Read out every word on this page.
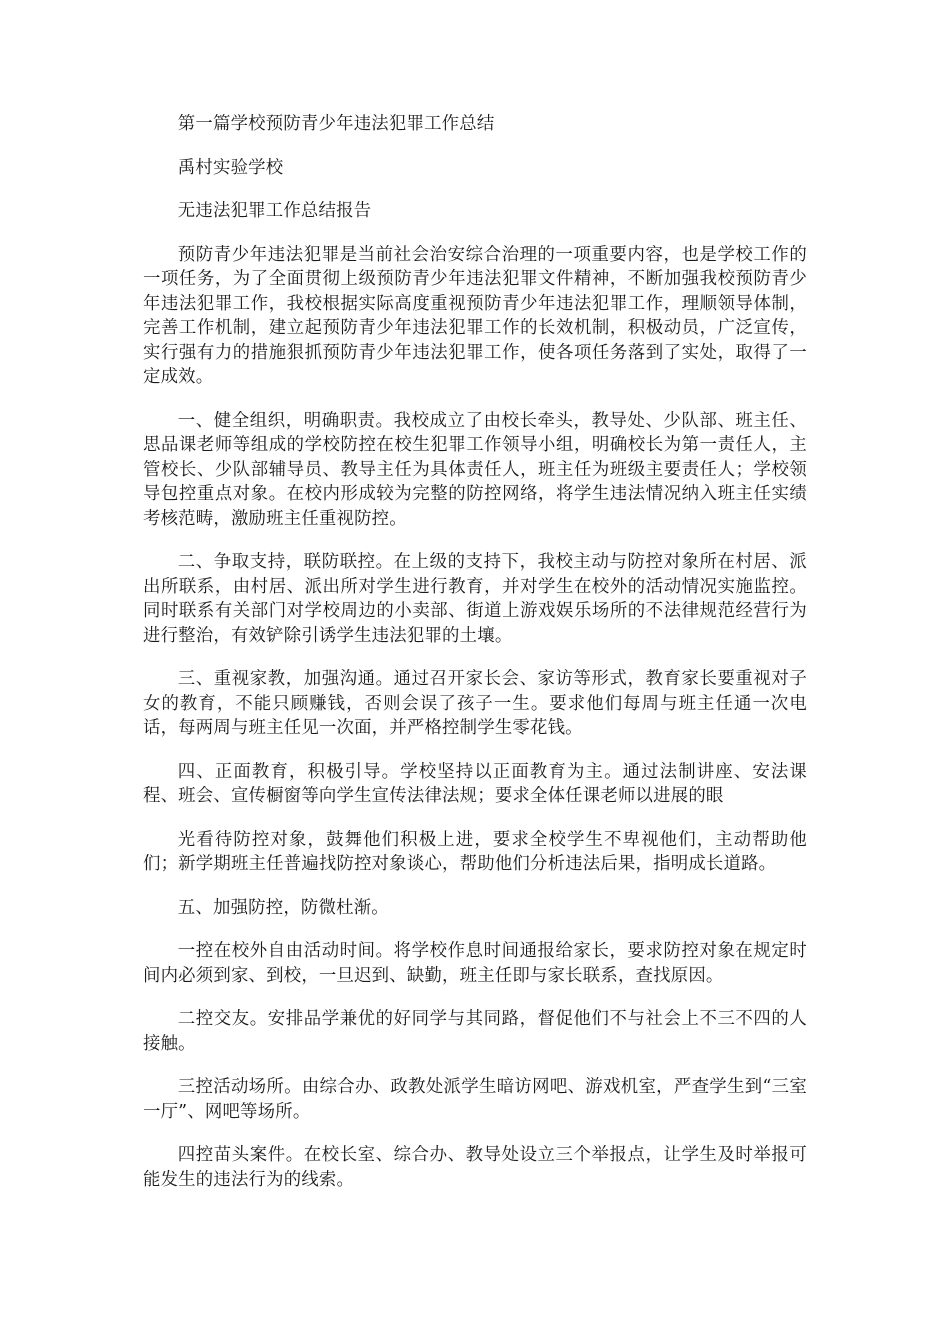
第一篇学校预防青少年违法犯罪工作总结

禹村实验学校

无违法犯罪工作总结报告

预防青少年违法犯罪是当前社会治安综合治理的一项重要内容，也是学校工作的一项任务，为了全面贯彻上级预防青少年违法犯罪文件精神，不断加强我校预防青少年违法犯罪工作，我校根据实际高度重视预防青少年违法犯罪工作，理顺领导体制，完善工作机制，建立起预防青少年违法犯罪工作的长效机制，积极动员，广泛宣传，实行强有力的措施狠抓预防青少年违法犯罪工作，使各项任务落到了实处，取得了一定成效。

一、健全组织，明确职责。我校成立了由校长牵头，教导处、少队部、班主任、思品课老师等组成的学校防控在校生犯罪工作领导小组，明确校长为第一责任人，主管校长、少队部辅导员、教导主任为具体责任人，班主任为班级主要责任人；学校领导包控重点对象。在校内形成较为完整的防控网络，将学生违法情况纳入班主任实绩考核范畴，激励班主任重视防控。

二、争取支持，联防联控。在上级的支持下，我校主动与防控对象所在村居、派出所联系，由村居、派出所对学生进行教育，并对学生在校外的活动情况实施监控。同时联系有关部门对学校周边的小卖部、街道上游戏娱乐场所的不法律规范经营行为进行整治，有效铲除引诱学生违法犯罪的土壤。

三、重视家教，加强沟通。通过召开家长会、家访等形式，教育家长要重视对子女的教育，不能只顾赚钱，否则会误了孩子一生。要求他们每周与班主任通一次电话，每两周与班主任见一次面，并严格控制学生零花钱。

四、正面教育，积极引导。学校坚持以正面教育为主。通过法制讲座、安法课程、班会、宣传橱窗等向学生宣传法律法规；要求全体任课老师以进展的眼

光看待防控对象，鼓舞他们积极上进，要求全校学生不卑视他们，主动帮助他们；新学期班主任普遍找防控对象谈心，帮助他们分析违法后果，指明成长道路。

五、加强防控，防微杜渐。

一控在校外自由活动时间。将学校作息时间通报给家长，要求防控对象在规定时间内必须到家、到校，一旦迟到、缺勤，班主任即与家长联系，查找原因。

二控交友。安排品学兼优的好同学与其同路，督促他们不与社会上不三不四的人接触。

三控活动场所。由综合办、政教处派学生暗访网吧、游戏机室，严查学生到“三室一厅”、网吧等场所。

四控苗头案件。在校长室、综合办、教导处设立三个举报点，让学生及时举报可能发生的违法行为的线索。
